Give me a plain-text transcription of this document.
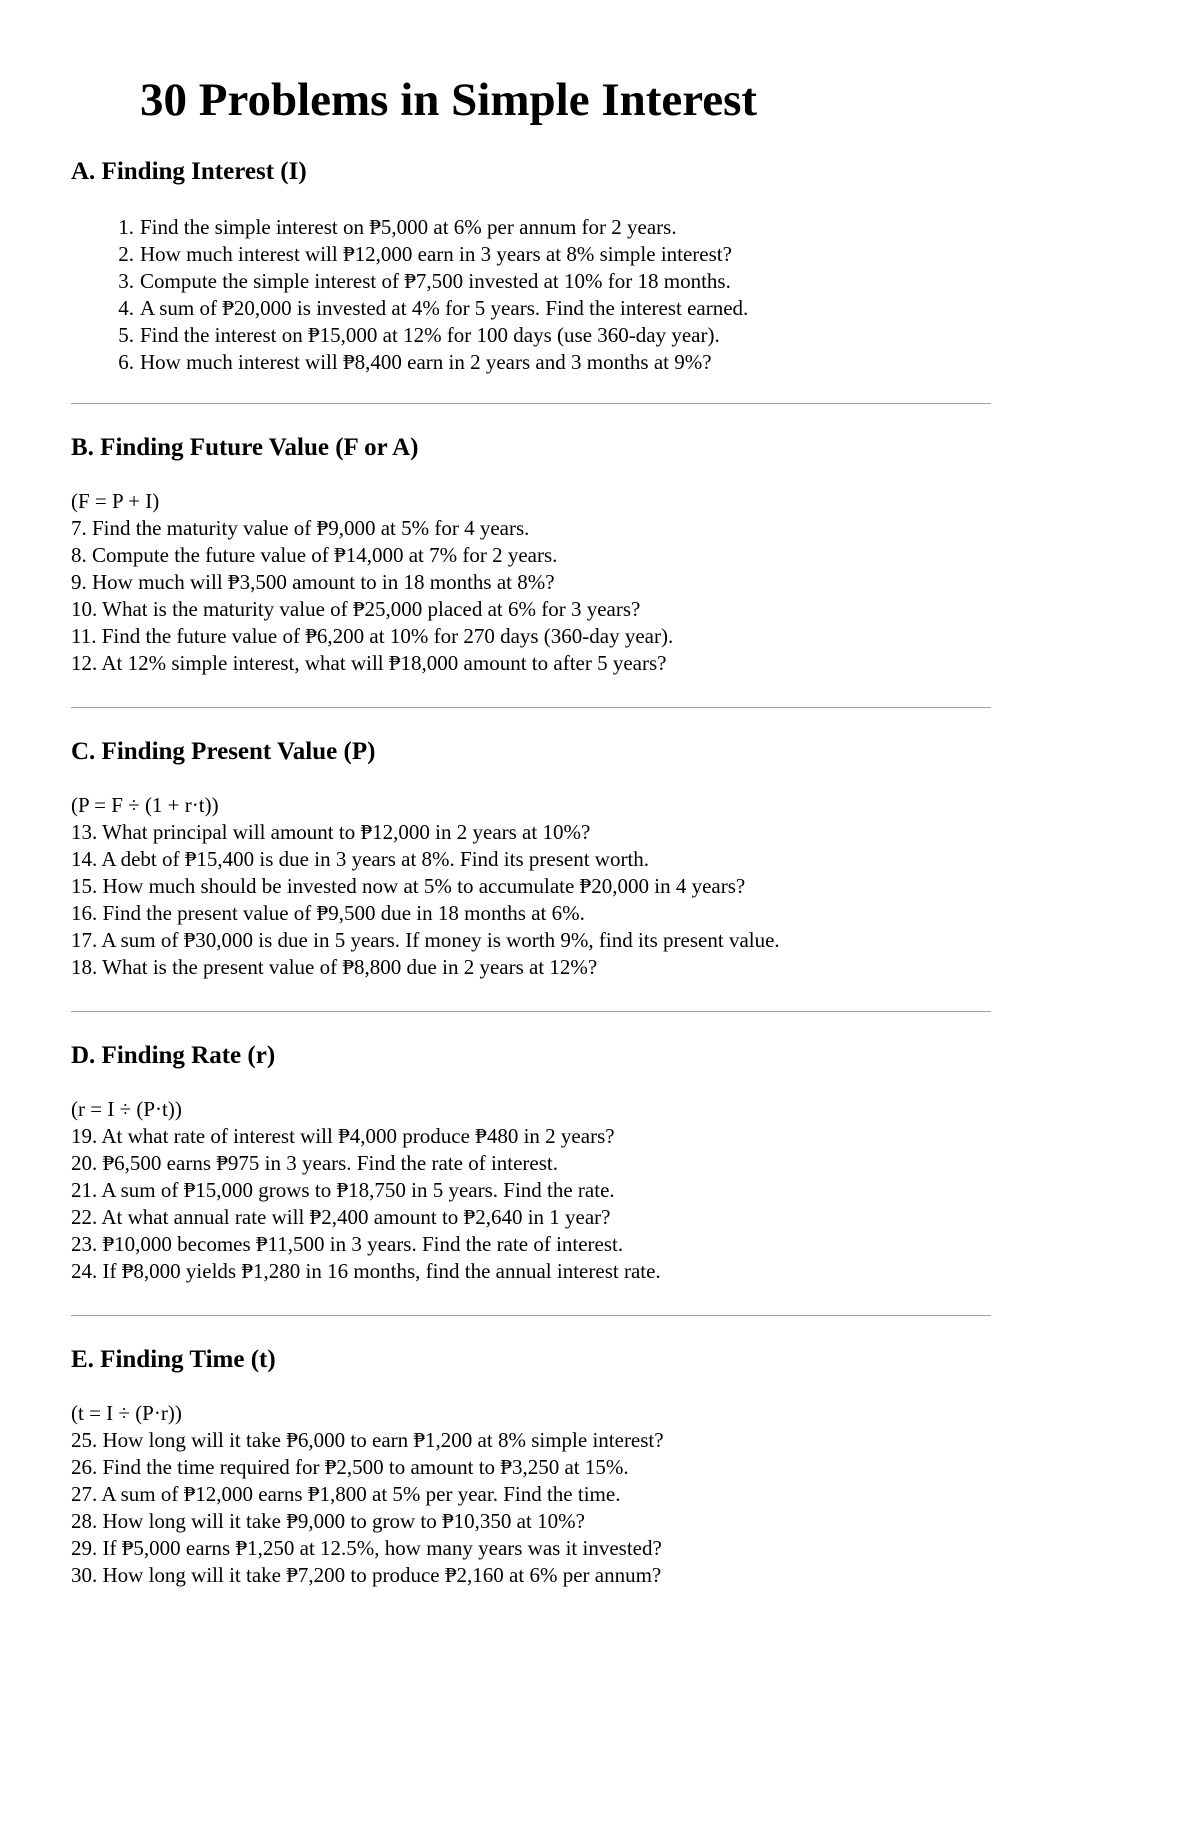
30 Problems in Simple Interest
A. Finding Interest (I)
1. Find the simple interest on ₱5,000 at 6% per annum for 2 years.
2. How much interest will ₱12,000 earn in 3 years at 8% simple interest?
3. Compute the simple interest of ₱7,500 invested at 10% for 18 months.
4. A sum of ₱20,000 is invested at 4% for 5 years. Find the interest earned.
5. Find the interest on ₱15,000 at 12% for 100 days (use 360-day year).
6. How much interest will ₱8,400 earn in 2 years and 3 months at 9%?
B. Finding Future Value (F or A)
(F = P + I)
7. Find the maturity value of ₱9,000 at 5% for 4 years.
8. Compute the future value of ₱14,000 at 7% for 2 years.
9. How much will ₱3,500 amount to in 18 months at 8%?
10. What is the maturity value of ₱25,000 placed at 6% for 3 years?
11. Find the future value of ₱6,200 at 10% for 270 days (360-day year).
12. At 12% simple interest, what will ₱18,000 amount to after 5 years?
C. Finding Present Value (P)
(P = F ÷ (1 + r·t))
13. What principal will amount to ₱12,000 in 2 years at 10%?
14. A debt of ₱15,400 is due in 3 years at 8%. Find its present worth.
15. How much should be invested now at 5% to accumulate ₱20,000 in 4 years?
16. Find the present value of ₱9,500 due in 18 months at 6%.
17. A sum of ₱30,000 is due in 5 years. If money is worth 9%, find its present value.
18. What is the present value of ₱8,800 due in 2 years at 12%?
D. Finding Rate (r)
(r = I ÷ (P·t))
19. At what rate of interest will ₱4,000 produce ₱480 in 2 years?
20. ₱6,500 earns ₱975 in 3 years. Find the rate of interest.
21. A sum of ₱15,000 grows to ₱18,750 in 5 years. Find the rate.
22. At what annual rate will ₱2,400 amount to ₱2,640 in 1 year?
23. ₱10,000 becomes ₱11,500 in 3 years. Find the rate of interest.
24. If ₱8,000 yields ₱1,280 in 16 months, find the annual interest rate.
E. Finding Time (t)
(t = I ÷ (P·r))
25. How long will it take ₱6,000 to earn ₱1,200 at 8% simple interest?
26. Find the time required for ₱2,500 to amount to ₱3,250 at 15%.
27. A sum of ₱12,000 earns ₱1,800 at 5% per year. Find the time.
28. How long will it take ₱9,000 to grow to ₱10,350 at 10%?
29. If ₱5,000 earns ₱1,250 at 12.5%, how many years was it invested?
30. How long will it take ₱7,200 to produce ₱2,160 at 6% per annum?
